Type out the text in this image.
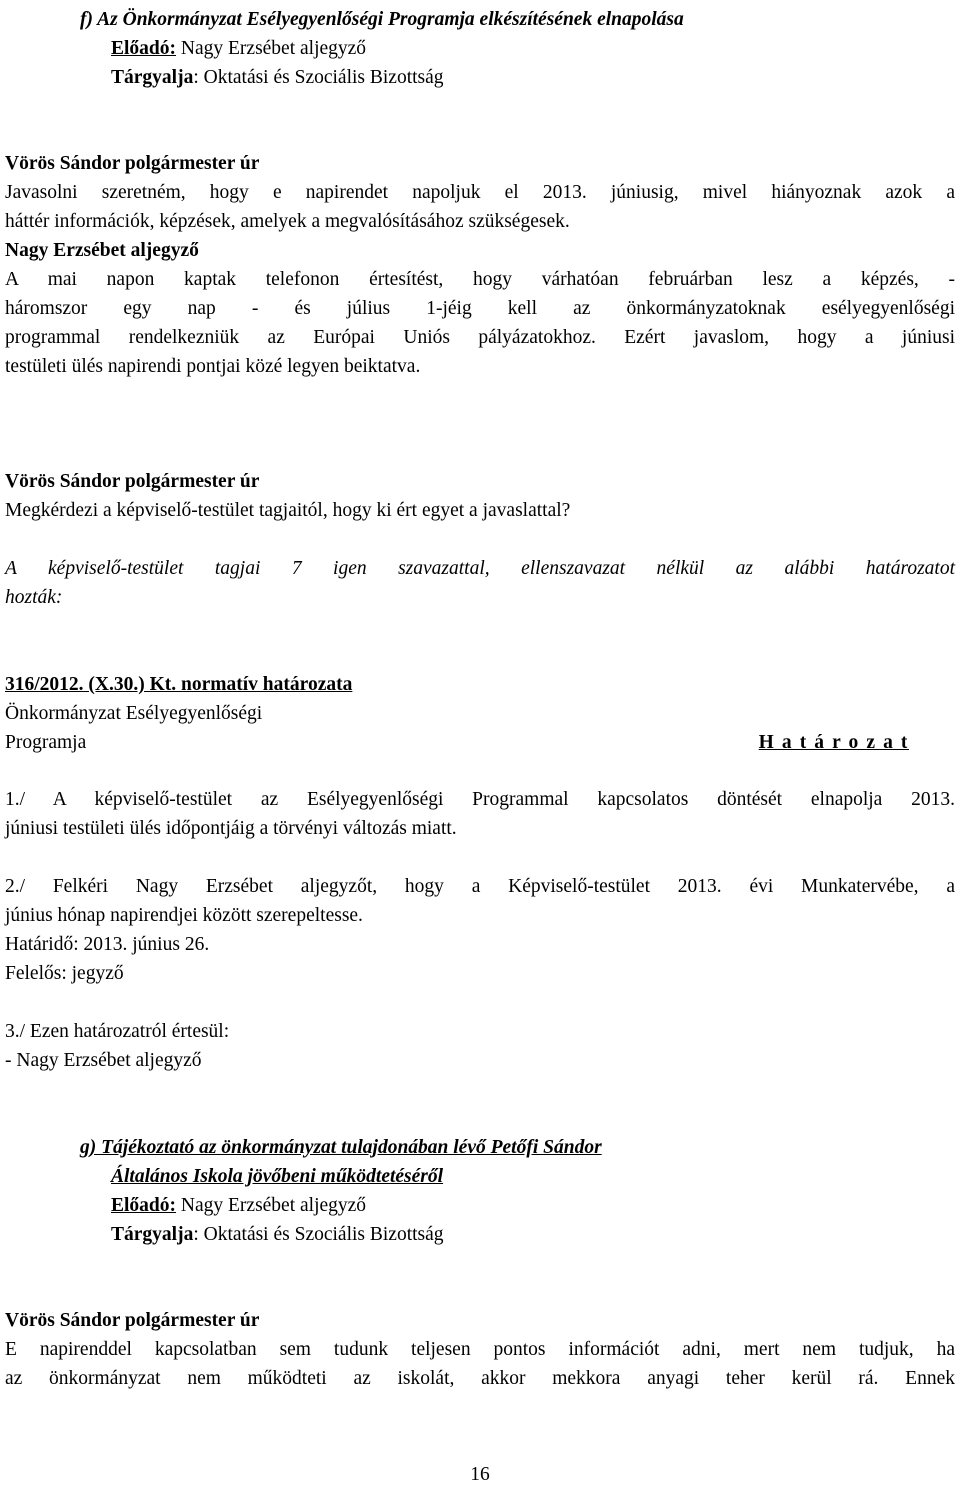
f) Az Önkormányzat Esélyegyenlőségi Programja elkészítésének elnapolása
Előadó: Nagy Erzsébet aljegyző
Tárgyalja: Oktatási és Szociális Bizottság
Vörös Sándor polgármester úr
Javasolni szeretném, hogy e napirendet napoljuk el 2013. júniusig, mivel hiányoznak azok a
háttér információk, képzések, amelyek a megvalósításához szükségesek.
Nagy Erzsébet aljegyző
A mai napon kaptak telefonon értesítést, hogy várhatóan februárban lesz a képzés, -
háromszor egy nap - és július 1-jéig kell az önkormányzatoknak esélyegyenlőségi
programmal rendelkezniük az Európai Uniós pályázatokhoz. Ezért javaslom, hogy a júniusi
testületi ülés napirendi pontjai közé legyen beiktatva.
Vörös Sándor polgármester úr
Megkérdezi a képviselő-testület tagjaitól, hogy ki ért egyet a javaslattal?
A képviselő-testület tagjai 7 igen szavazattal, ellenszavazat nélkül az alábbi határozatot
hozták:
316/2012. (X.30.) Kt. normatív határozata
Önkormányzat Esélyegyenlőségi
Programja	H a t á r o z a t
1./ A képviselő-testület az Esélyegyenlőségi Programmal kapcsolatos döntését elnapolja 2013.
júniusi testületi ülés időpontjáig a törvényi változás miatt.
2./ Felkéri Nagy Erzsébet aljegyzőt, hogy a Képviselő-testület 2013. évi Munkatervébe, a
június hónap napirendjei között szerepeltesse.
Határidő: 2013. június 26.
Felelős: jegyző
3./ Ezen határozatról értesül:
- Nagy Erzsébet aljegyző
g) Tájékoztató az önkormányzat tulajdonában lévő Petőfi Sándor
Általános Iskola jövőbeni működtetéséről
Előadó: Nagy Erzsébet aljegyző
Tárgyalja: Oktatási és Szociális Bizottság
Vörös Sándor polgármester úr
E napirenddel kapcsolatban sem tudunk teljesen pontos információt adni, mert nem tudjuk, ha
az önkormányzat nem működteti az iskolát, akkor mekkora anyagi teher kerül rá. Ennek
16
